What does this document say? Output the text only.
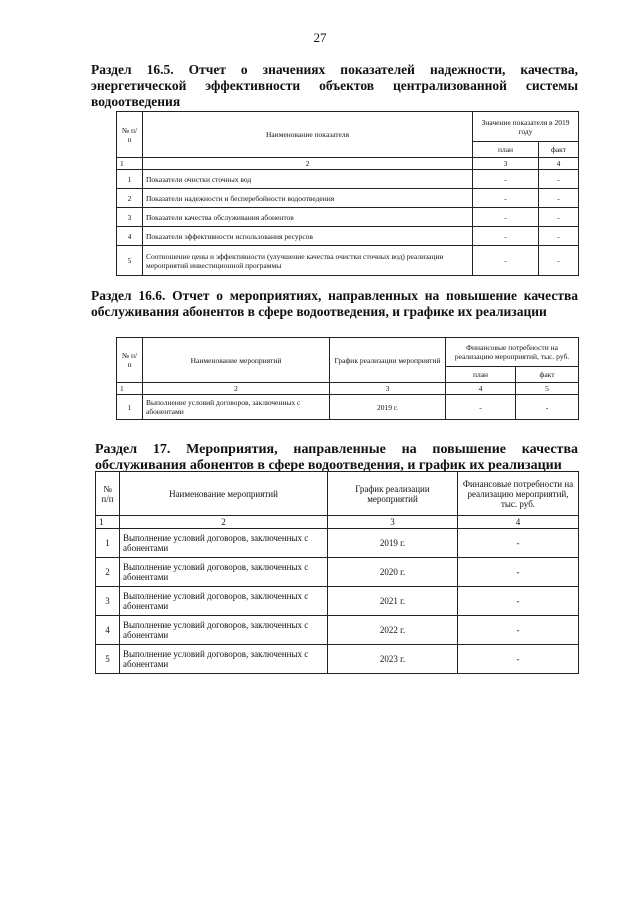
27
Раздел 16.5. Отчет о значениях показателей надежности, качества, энергетической эффективности объектов централизованной системы водоотведения
№ п/п	Наименование показателя	Значение показателя в 2019 году	
		план	факт
1	2	3	4
1	Показатели очистки сточных вод	-	-
2	Показатели надежности и бесперебойности водоотведения	-	-
3	Показатели качества обслуживания абонентов	-	-
4	Показатели эффективности использования ресурсов	-	-
5	Соотношение цены и эффективности (улучшение качества очистки сточных вод) реализации мероприятий инвестиционной программы	-	-
Раздел 16.6. Отчет о мероприятиях, направленных на повышение качества обслуживания абонентов в сфере водоотведения, и графике их реализации
№ п/п	Наименование мероприятий	График реализации мероприятий	Финансовые потребности на реализацию мероприятий, тыс. руб.	
			план	факт
1	2	3	4	5
1	Выполнение условий договоров, заключенных с абонентами	2019 г.	-	-
Раздел 17. Мероприятия, направленные на повышение качества обслуживания абонентов в сфере водоотведения, и график их реализации
№ п/п	Наименование мероприятий	График реализации мероприятий	Финансовые потребности на реализацию мероприятий, тыс. руб.
1	2	3	4
1	Выполнение условий договоров, заключенных с абонентами	2019 г.	-
2	Выполнение условий договоров, заключенных с абонентами	2020 г.	-
3	Выполнение условий договоров, заключенных с абонентами	2021 г.	-
4	Выполнение условий договоров, заключенных с абонентами	2022 г.	-
5	Выполнение условий договоров, заключенных с абонентами	2023 г.	-
